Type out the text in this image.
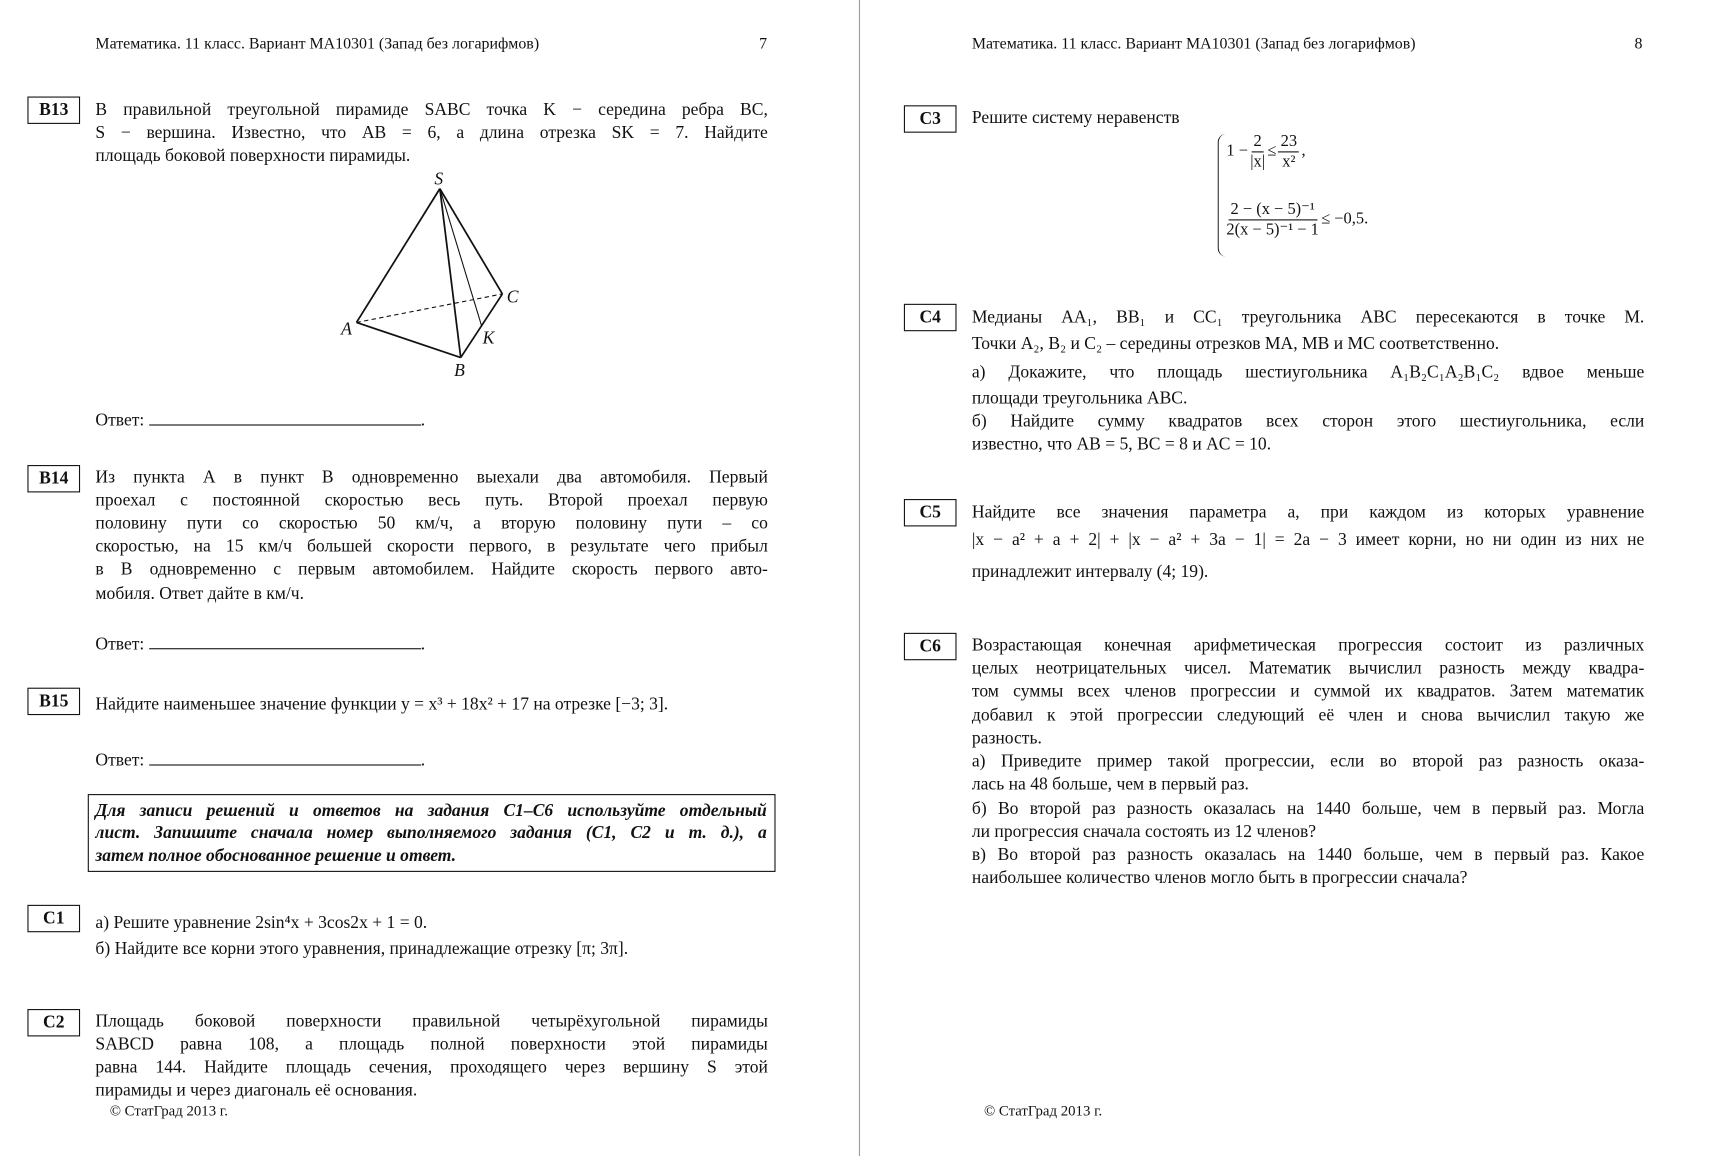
Математика. 11 класс. Вариант МА10301 (Запад без логарифмов)	7	Математика. 11 класс. Вариант МА10301 (Запад без логарифмов)	8
S
C
A	K
B
Для записи решений и ответов на задания С1–С6 используйте отдельный
лист. Запишите сначала номер выполняемого задания (С1, С2 и т. д.), а
затем полное обоснованное решение и ответ.
$1 - \frac{2}{|x|} \le \frac{23}{\text{x²}}$ ,
$\frac{\text{2 − (x − 5)⁻¹}}{\text{2(x − 5)⁻¹ − 1}} \le -0,5$.
© СтатГрад 2013 г.	© СтатГрад 2013 г.
B13	В правильной треугольной пирамиде SABC точка K − середина ребра BC,
S − вершина. Известно, что AB = 6, а длина отрезка SK = 7. Найдите
площадь боковой поверхности пирамиды.
Ответ:	.
B14	Из пункта А в пункт В одновременно выехали два автомобиля. Первый
проехал с постоянной скоростью весь путь. Второй проехал первую
половину пути со скоростью 50 км/ч, а вторую половину пути – со
скоростью, на 15 км/ч большей скорости первого, в результате чего прибыл
в В одновременно с первым автомобилем. Найдите скорость первого авто-
мобиля. Ответ дайте в км/ч.
Ответ:	.
B15	Найдите наименьшее значение функции y = x³ + 18x² + 17 на отрезке [−3; 3].
Ответ:	.
C1	а) Решите уравнение 2sin⁴x + 3cos2x + 1 = 0.
б) Найдите все корни этого уравнения, принадлежащие отрезку [π; 3π].
C2	Площадь боковой поверхности правильной четырёхугольной пирамиды
SABCD равна 108, а площадь полной поверхности этой пирамиды
равна 144. Найдите площадь сечения, проходящего через вершину S этой
пирамиды и через диагональ её основания.
C3	Решите систему неравенств
C4	Медианы AA₁, BB₁ и CC₁ треугольника ABC пересекаются в точке M.
Точки A₂, B₂ и C₂ – середины отрезков MA, MB и MC соответственно.
а) Докажите, что площадь шестиугольника A₁B₂C₁A₂B₁C₂ вдвое меньше
площади треугольника ABC.
б) Найдите сумму квадратов всех сторон этого шестиугольника, если
известно, что AB = 5, BC = 8 и AC = 10.
C5	Найдите все значения параметра a, при каждом из которых уравнение
|x − a² + a + 2| + |x − a² + 3a − 1| = 2a − 3 имеет корни, но ни один из них не
принадлежит интервалу (4; 19).
C6	Возрастающая конечная арифметическая прогрессия состоит из различных
целых неотрицательных чисел. Математик вычислил разность между квадра-
том суммы всех членов прогрессии и суммой их квадратов. Затем математик
добавил к этой прогрессии следующий её член и снова вычислил такую же
разность.
а) Приведите пример такой прогрессии, если во второй раз разность оказа-
лась на 48 больше, чем в первый раз.
б) Во второй раз разность оказалась на 1440 больше, чем в первый раз. Могла
ли прогрессия сначала состоять из 12 членов?
в) Во второй раз разность оказалась на 1440 больше, чем в первый раз. Какое
наибольшее количество членов могло быть в прогрессии сначала?
